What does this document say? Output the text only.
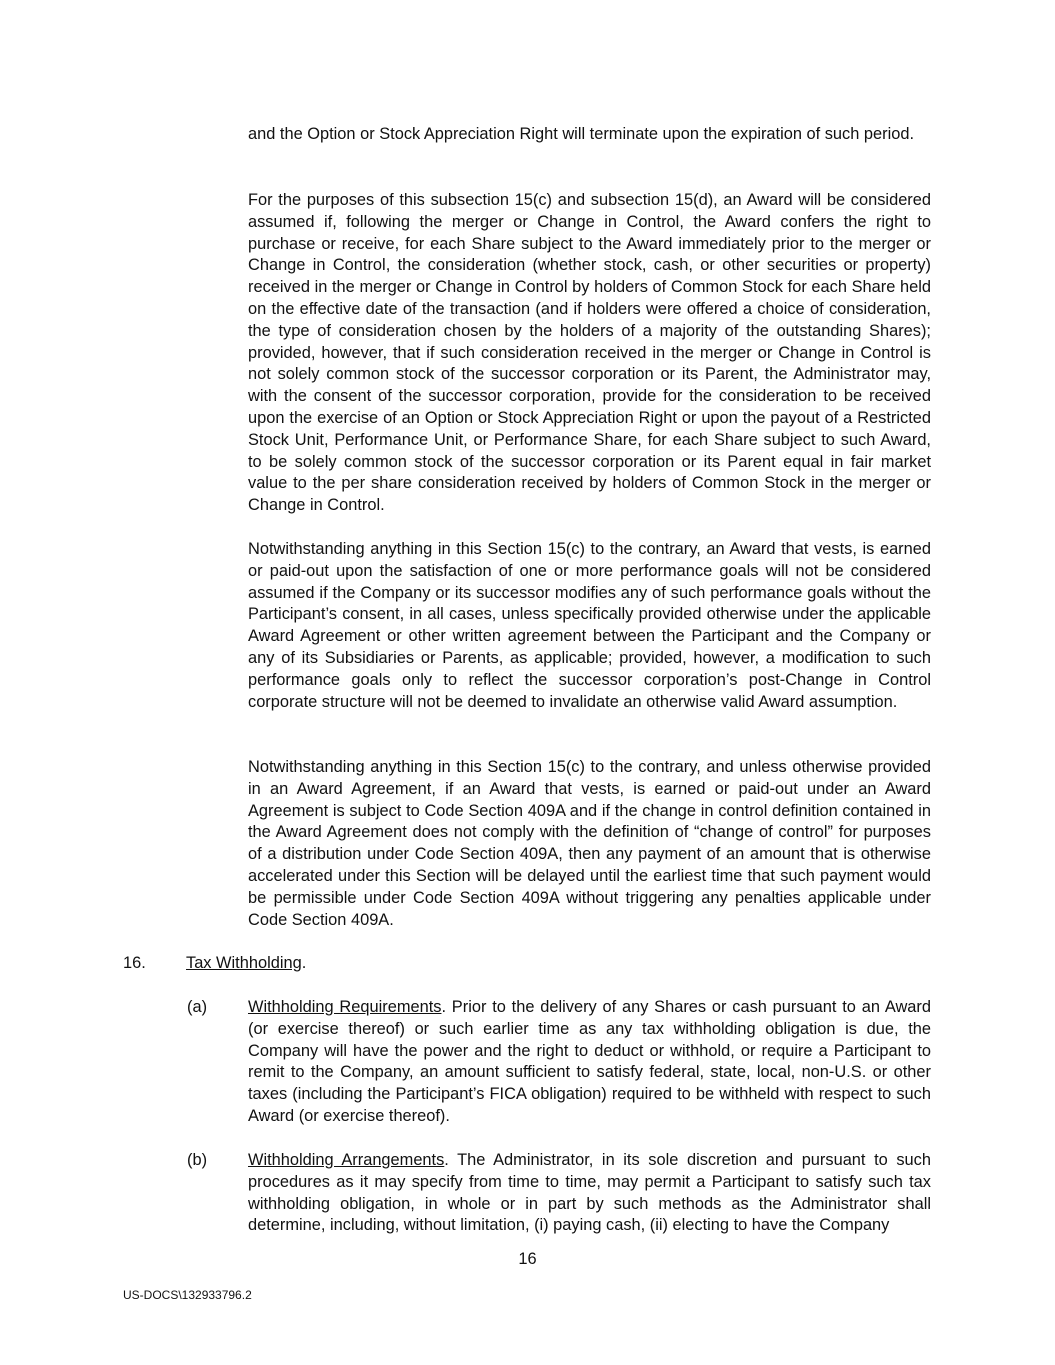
and the Option or Stock Appreciation Right will terminate upon the expiration of such period.

For the purposes of this subsection 15(c) and subsection 15(d), an Award will be considered assumed if, following the merger or Change in Control, the Award confers the right to purchase or receive, for each Share subject to the Award immediately prior to the merger or Change in Control, the consideration (whether stock, cash, or other securities or property) received in the merger or Change in Control by holders of Common Stock for each Share held on the effective date of the transaction (and if holders were offered a choice of consideration, the type of consideration chosen by the holders of a majority of the outstanding Shares); provided, however, that if such consideration received in the merger or Change in Control is not solely common stock of the successor corporation or its Parent, the Administrator may, with the consent of the successor corporation, provide for the consideration to be received upon the exercise of an Option or Stock Appreciation Right or upon the payout of a Restricted Stock Unit, Performance Unit, or Performance Share, for each Share subject to such Award, to be solely common stock of the successor corporation or its Parent equal in fair market value to the per share consideration received by holders of Common Stock in the merger or Change in Control.

Notwithstanding anything in this Section 15(c) to the contrary, an Award that vests, is earned or paid-out upon the satisfaction of one or more performance goals will not be considered assumed if the Company or its successor modifies any of such performance goals without the Participant’s consent, in all cases, unless specifically provided otherwise under the applicable Award Agreement or other written agreement between the Participant and the Company or any of its Subsidiaries or Parents, as applicable; provided, however, a modification to such performance goals only to reflect the successor corporation’s post-Change in Control corporate structure will not be deemed to invalidate an otherwise valid Award assumption.

Notwithstanding anything in this Section 15(c) to the contrary, and unless otherwise provided in an Award Agreement, if an Award that vests, is earned or paid-out under an Award Agreement is subject to Code Section 409A and if the change in control definition contained in the Award Agreement does not comply with the definition of “change of control” for purposes of a distribution under Code Section 409A, then any payment of an amount that is otherwise accelerated under this Section will be delayed until the earliest time that such payment would be permissible under Code Section 409A without triggering any penalties applicable under Code Section 409A.

16. Tax Withholding.
(a) Withholding Requirements. Prior to the delivery of any Shares or cash pursuant to an Award (or exercise thereof) or such earlier time as any tax withholding obligation is due, the Company will have the power and the right to deduct or withhold, or require a Participant to remit to the Company, an amount sufficient to satisfy federal, state, local, non-U.S. or other taxes (including the Participant’s FICA obligation) required to be withheld with respect to such Award (or exercise thereof).

(b) Withholding Arrangements. The Administrator, in its sole discretion and pursuant to such procedures as it may specify from time to time, may permit a Participant to satisfy such tax withholding obligation, in whole or in part by such methods as the Administrator shall determine, including, without limitation, (i) paying cash, (ii) electing to have the Company

16
US-DOCS\132933796.2
